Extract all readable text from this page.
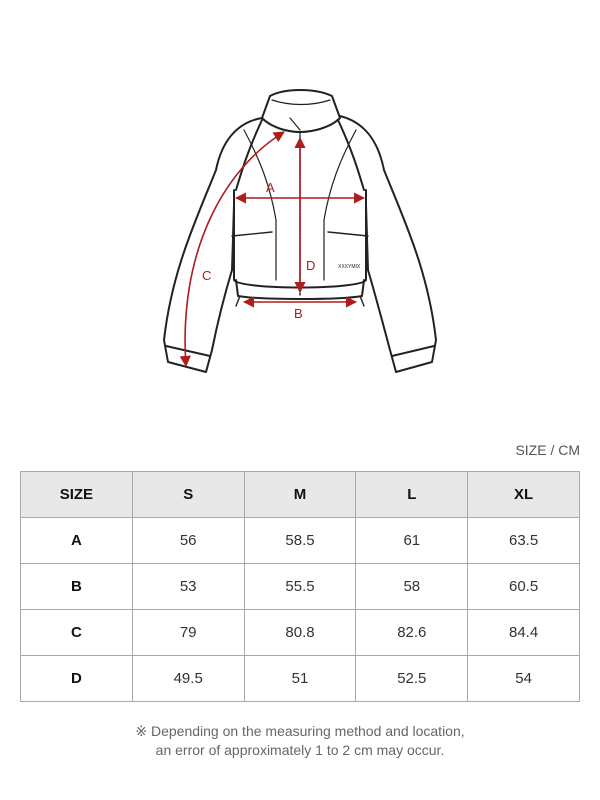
A
B
C
D	XXXYMIX
SIZE / CM
SIZE	S	M	L	XL
A	56	58.5	61	63.5
B	53	55.5	58	60.5
C	79	80.8	82.6	84.4
D	49.5	51	52.5	54
※ Depending on the measuring method and location,
an error of approximately 1 to 2 cm may occur.
